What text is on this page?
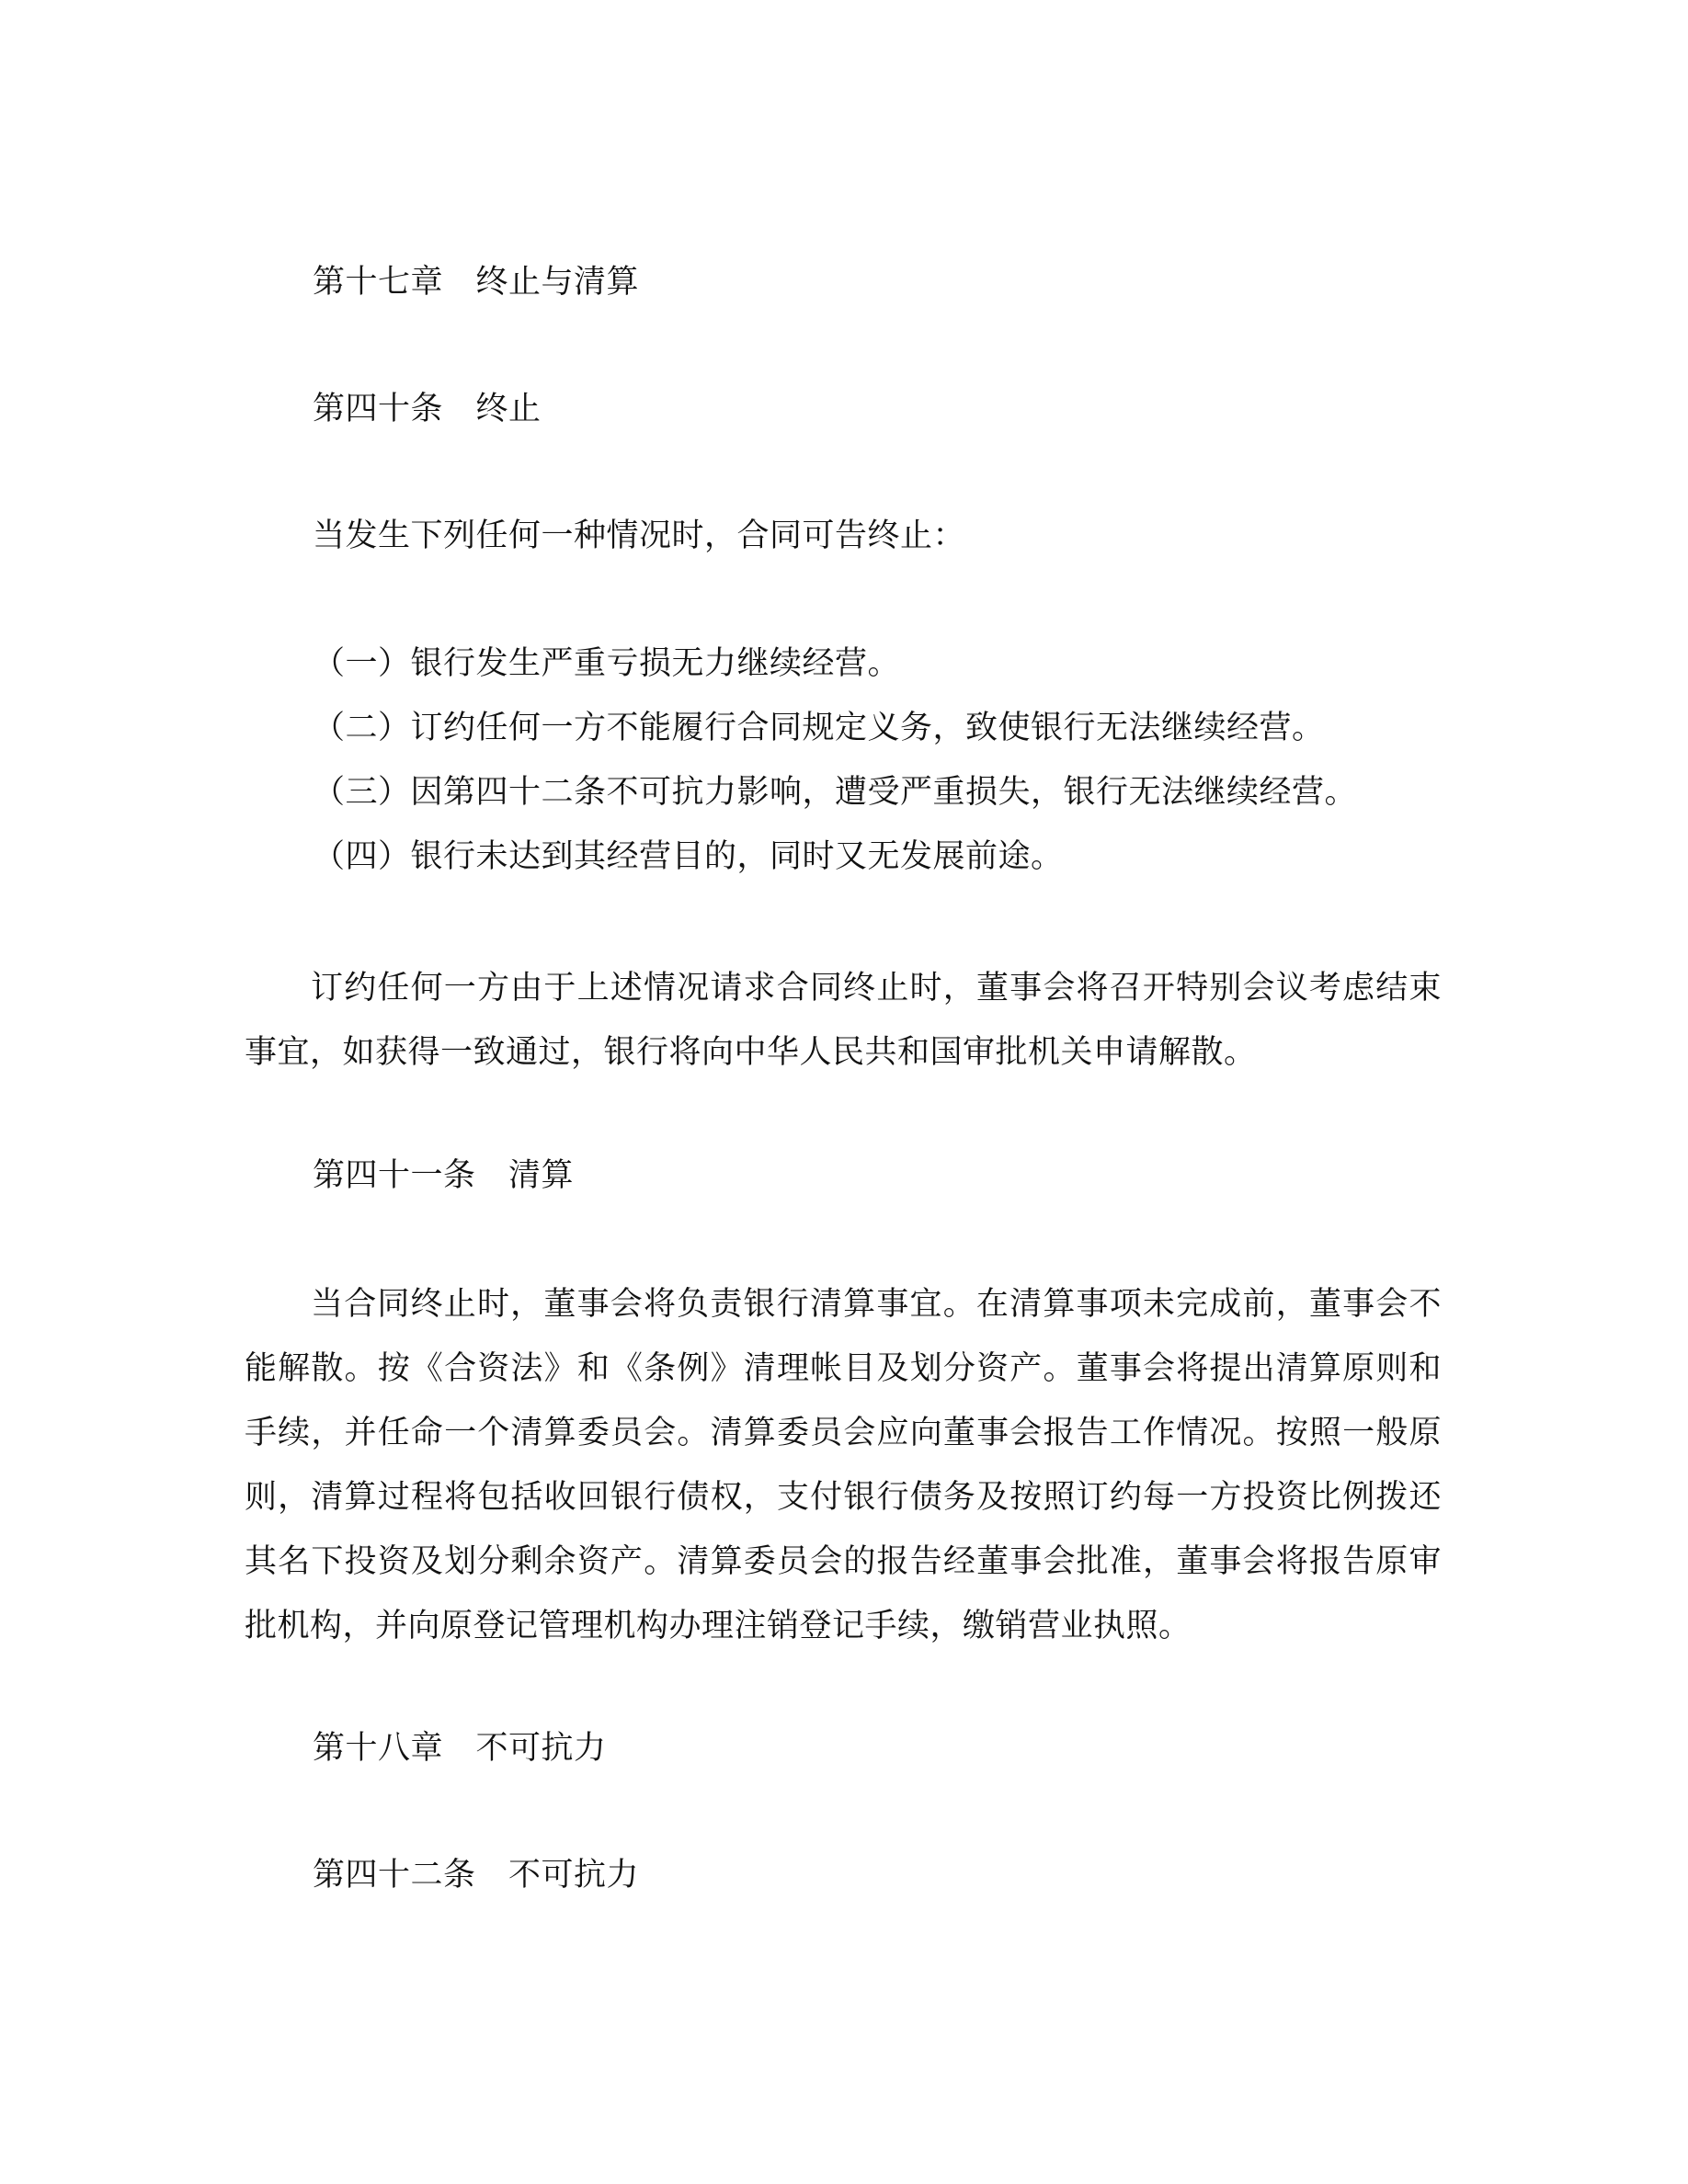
第十七章　终止与清算
第四十条　终止
当发生下列任何一种情况时，合同可告终止：
（一）银行发生严重亏损无力继续经营。
（二）订约任何一方不能履行合同规定义务，致使银行无法继续经营。
（三）因第四十二条不可抗力影响，遭受严重损失，银行无法继续经营。
（四）银行未达到其经营目的，同时又无发展前途。
订约任何一方由于上述情况请求合同终止时，董事会将召开特别会议考虑结束事宜，如获得一致通过，银行将向中华人民共和国审批机关申请解散。
第四十一条　清算
当合同终止时，董事会将负责银行清算事宜。在清算事项未完成前，董事会不能解散。按《合资法》和《条例》清理帐目及划分资产。董事会将提出清算原则和手续，并任命一个清算委员会。清算委员会应向董事会报告工作情况。按照一般原则，清算过程将包括收回银行债权，支付银行债务及按照订约每一方投资比例拨还其名下投资及划分剩余资产。清算委员会的报告经董事会批准，董事会将报告原审批机构，并向原登记管理机构办理注销登记手续，缴销营业执照。
第十八章　不可抗力
第四十二条　不可抗力
